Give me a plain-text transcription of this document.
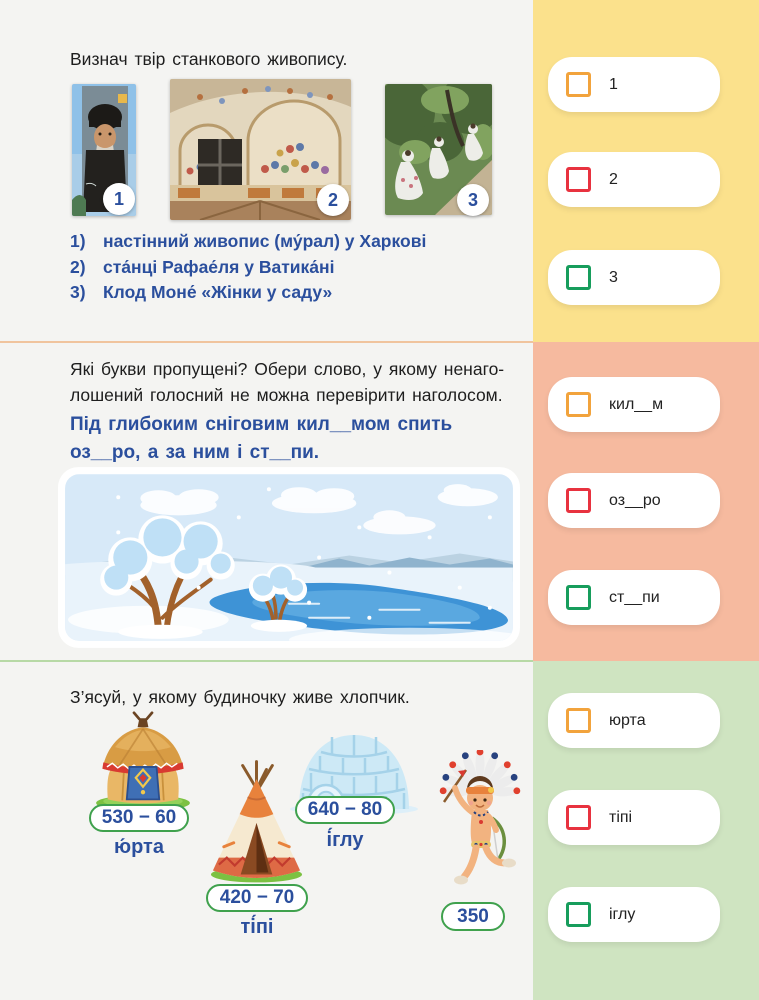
1
2
3
кил__м
оз__ро
ст__пи
юрта
тіпі
іглу
Визнач твір станкового живопису.
1	2	3
1) настінний живопис (му́рал) у Харкові
2) ста́нці Рафае́ля у Ватика́ні
3) Клод Моне́ «Жінки у саду»
Які букви пропущені? Обери слово, у якому ненаго-
лошений голосний не можна перевірити наголосом.
Під глибоким сніговим кил__мом спить
оз__ро, а за ним і ст__пи.
З’ясуй, у якому будиночку живе хлопчик.
530 − 60
ю́рта
420 − 70
ті́пі
640 − 80
і́глу
350
